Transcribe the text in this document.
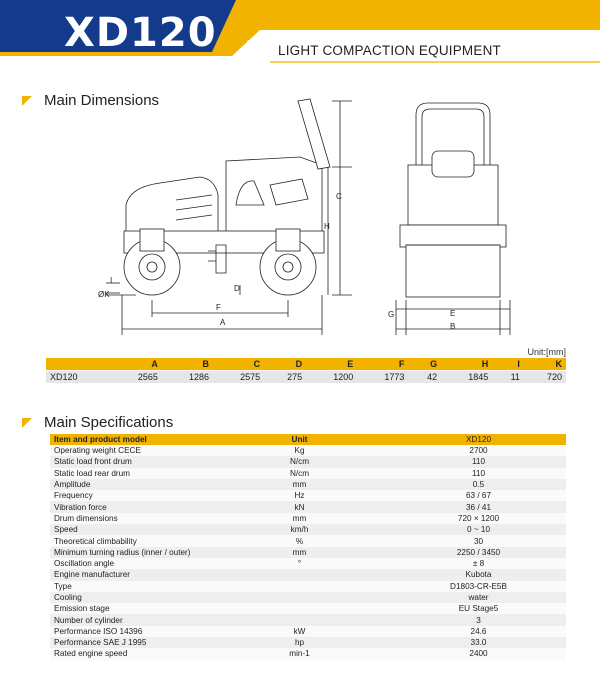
XD120	LIGHT COMPACTION EQUIPMENT
Main Dimensions
I
ØK
D
F
A
H
C
G	E
B
Unit:[mm]
	A	B	C	D	E	F	G	H	I	K
XD120	2565	1286	2575	275	1200	1773	42	1845	11	720
Main Specifications
Item and product model	Unit	XD120
Operating weight CECE	Kg	2700
Static load front drum	N/cm	110
Static load rear drum	N/cm	110
Amplitude	mm	0.5
Frequency	Hz	63 / 67
Vibration force	kN	36 / 41
Drum dimensions	mm	720 × 1200
Speed	km/h	0 ~ 10
Theoretical climbability	%	30
Minimum turning radius (inner / outer)	mm	2250 / 3450
Oscillation angle	°	± 8
Engine manufacturer		Kubota
Type		D1803-CR-E5B
Cooling		water
Emission stage		EU Stage5
Number of cylinder		3
Performance ISO 14396	kW	24.6
Performance SAE J 1995	hp	33.0
Rated engine speed	min-1	2400
